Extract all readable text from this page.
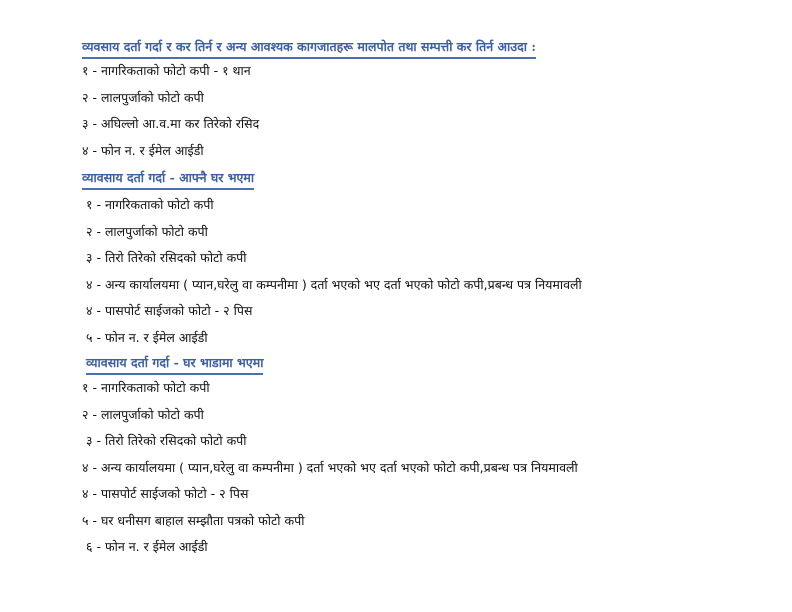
व्यवसाय दर्ता गर्दा र कर तिर्न र अन्य आवश्यक कागजातहरू मालपोत तथा सम्पत्ती कर तिर्न आउदा :
१ - नागरिकताको फोटो कपी - १ थान
२ - लालपुर्जाको फोटो कपी
३ - अघिल्लो आ.व.मा कर तिरेको रसिद
४ - फोन न. र ईमेल आईडी
व्यावसाय दर्ता गर्दा - आफ्नै घर भएमा
१ - नागरिकताको फोटो कपी
२ - लालपुर्जाको फोटो कपी
३ - तिरो तिरेको रसिदको फोटो कपी
४ - अन्य कार्यालयमा ( प्यान,घरेलु वा कम्पनीमा ) दर्ता भएको भए दर्ता भएको फोटो कपी,प्रबन्ध पत्र नियमावली
४ - पासपोर्ट साईजको फोटो - २ पिस
५ - फोन न. र ईमेल आईडी
व्यावसाय दर्ता गर्दा - घर भाडामा भएमा
१ - नागरिकताको फोटो कपी
२ - लालपुर्जाको फोटो कपी
३ - तिरो तिरेको रसिदको फोटो कपी
४ - अन्य कार्यालयमा ( प्यान,घरेलु वा कम्पनीमा ) दर्ता भएको भए दर्ता भएको फोटो कपी,प्रबन्ध पत्र नियमावली
४ - पासपोर्ट साईजको फोटो - २ पिस
५ - घर धनीसग बाहाल सम्झौता पत्रको फोटो कपी
६ - फोन न. र ईमेल आईडी
